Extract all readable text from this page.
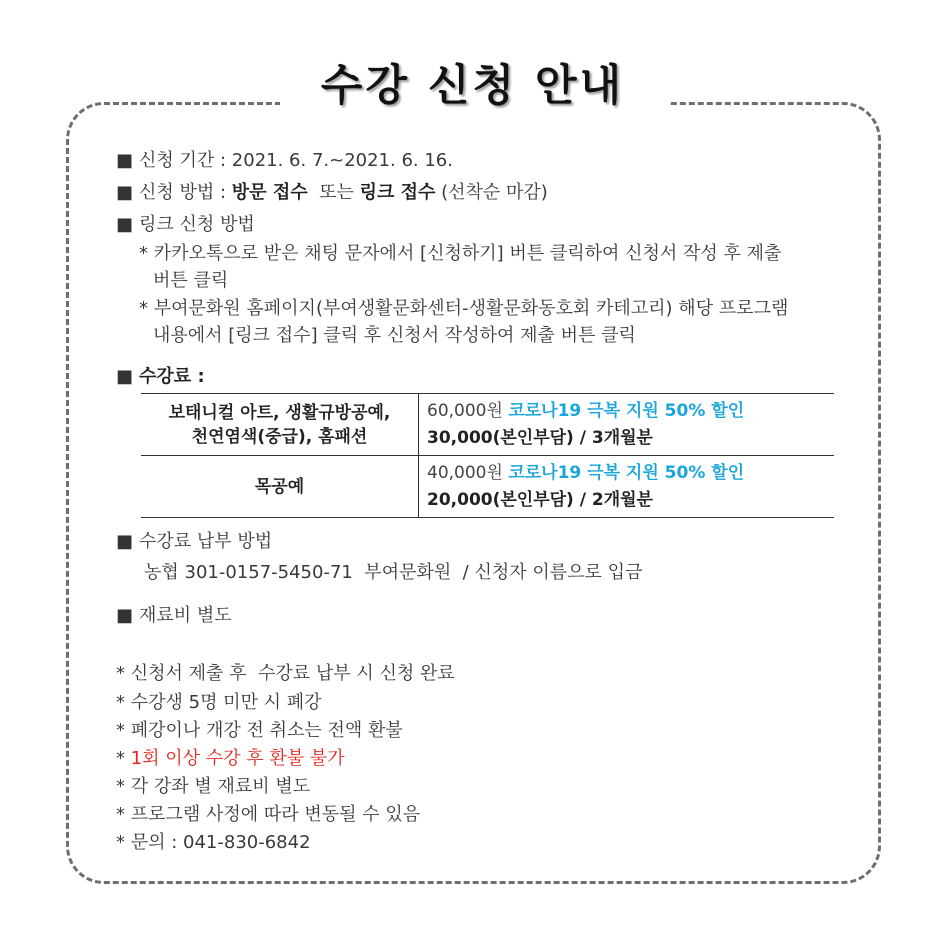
수강 신청 안내
■ 신청 기간 : 2021. 6. 7.~2021. 6. 16.
■ 신청 방법 : 방문 접수  또는 링크 접수 (선착순 마감)
■ 링크 신청 방법
* 카카오톡으로 받은 채팅 문자에서 [신청하기] 버튼 클릭하여 신청서 작성 후 제출
버튼 클릭
* 부여문화원 홈페이지(부여생활문화센터-생활문화동호회 카테고리) 해당 프로그램
내용에서 [링크 접수] 클릭 후 신청서 작성하여 제출 버튼 클릭
■ 수강료 :
보태니컬 아트, 생활규방공예,
천연염색(중급), 홈패션	60,000원 코로나19 극복 지원 50% 할인
30,000(본인부담) / 3개월분
목공예	40,000원 코로나19 극복 지원 50% 할인
20,000(본인부담) / 2개월분
■ 수강료 납부 방법
농협 301-0157-5450-71  부여문화원  / 신청자 이름으로 입금
■ 재료비 별도
* 신청서 제출 후  수강료 납부 시 신청 완료
* 수강생 5명 미만 시 폐강
* 폐강이나 개강 전 취소는 전액 환불
* 1회 이상 수강 후 환불 불가
* 각 강좌 별 재료비 별도
* 프로그램 사정에 따라 변동될 수 있음
* 문의 : 041-830-6842
